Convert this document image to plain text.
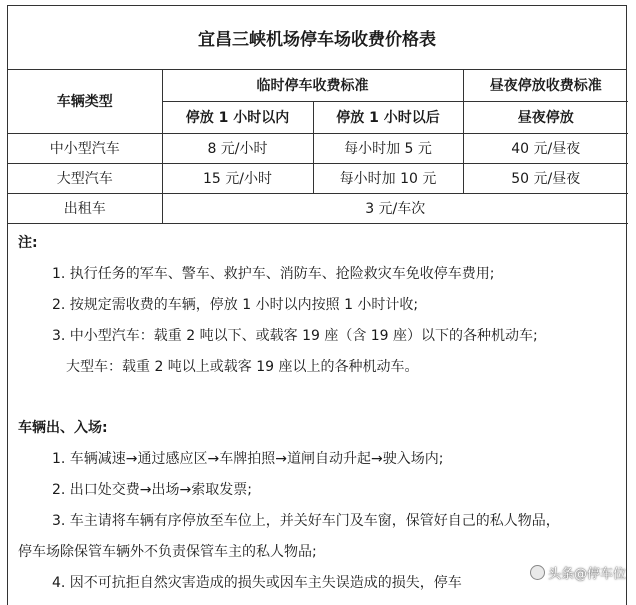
宜昌三峡机场停车场收费价格表
车辆类型	临时停车收费标准		昼夜停放收费标准
	停放 1 小时以内	停放 1 小时以后	昼夜停放
中小型汽车	8 元/小时	每小时加 5 元	40 元/昼夜
大型汽车	15 元/小时	每小时加 10 元	50 元/昼夜
出租车	3 元/车次		
注:
1. 执行任务的军车、警车、救护车、消防车、抢险救灾车免收停车费用;
2. 按规定需收费的车辆，停放 1 小时以内按照 1 小时计收;
3. 中小型汽车：载重 2 吨以下、或载客 19 座（含 19 座）以下的各种机动车;
大型车：载重 2 吨以上或载客 19 座以上的各种机动车。
车辆出、入场:
1. 车辆减速→通过感应区→车牌拍照→道闸自动升起→驶入场内;
2. 出口处交费→出场→索取发票;
3. 车主请将车辆有序停放至车位上，并关好车门及车窗，保管好自己的私人物品，
停车场除保管车辆外不负责保管车主的私人物品;
4. 因不可抗拒自然灾害造成的损失或因车主失误造成的损失，停车
头条@停车位
